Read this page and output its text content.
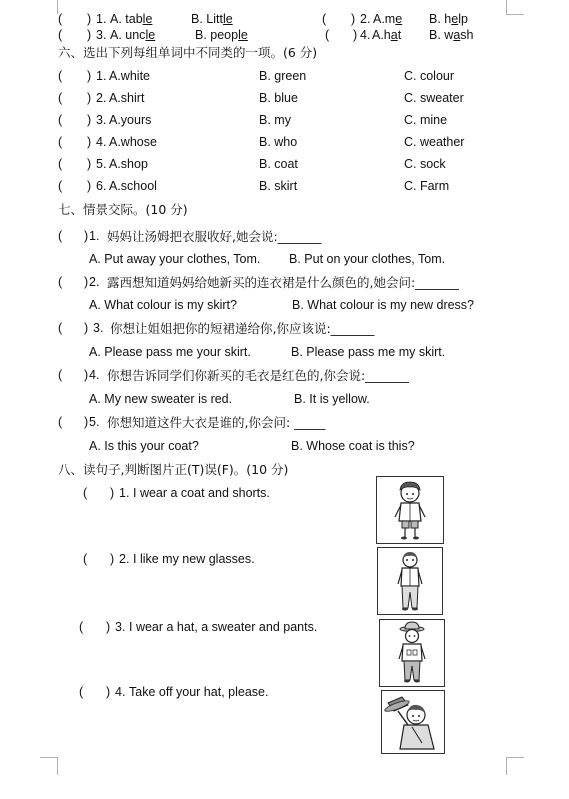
( ) 1. A. table	B. Little	( ) 2. A.me B. help
( ) 3. A. uncle	B. people	( ) 4. A.hat B. wash
六、选出下列每组单词中不同类的一项。(6 分)
( ) 1. A.white	B. green	C. colour
( ) 2. A.shirt	B. blue	C. sweater
( ) 3. A.yours	B. my	C. mine
( ) 4. A.whose	B. who	C. weather
( ) 5. A.shop	B. coat	C. sock
( ) 6. A.school	B. skirt	C. Farm
七、情景交际。(10 分)
( ) 1. 妈妈让汤姆把衣服收好,她会说:_______
A. Put away your clothes, Tom. B. Put on your clothes, Tom.
( ) 2. 露西想知道妈妈给她新买的连衣裙是什么颜色的,她会问:_______
A. What colour is my skirt?	B. What colour is my new dress?
( ) 3. 你想让姐姐把你的短裙递给你,你应该说:_______
A. Please pass me your skirt.	B. Please pass me my skirt.
( ) 4. 你想告诉同学们你新买的毛衣是红色的,你会说:_______
A. My new sweater is red.	B. It is yellow.
( ) 5. 你想知道这件大衣是谁的,你会问: _____
A. Is this your coat?	B. Whose coat is this?
八、读句子,判断图片正(T)误(F)。(10 分)
( ) 1. I wear a coat and shorts.
( ) 2. I like my new glasses.
( ) 3. I wear a hat, a sweater and pants.
( ) 4. Take off your hat, please.
